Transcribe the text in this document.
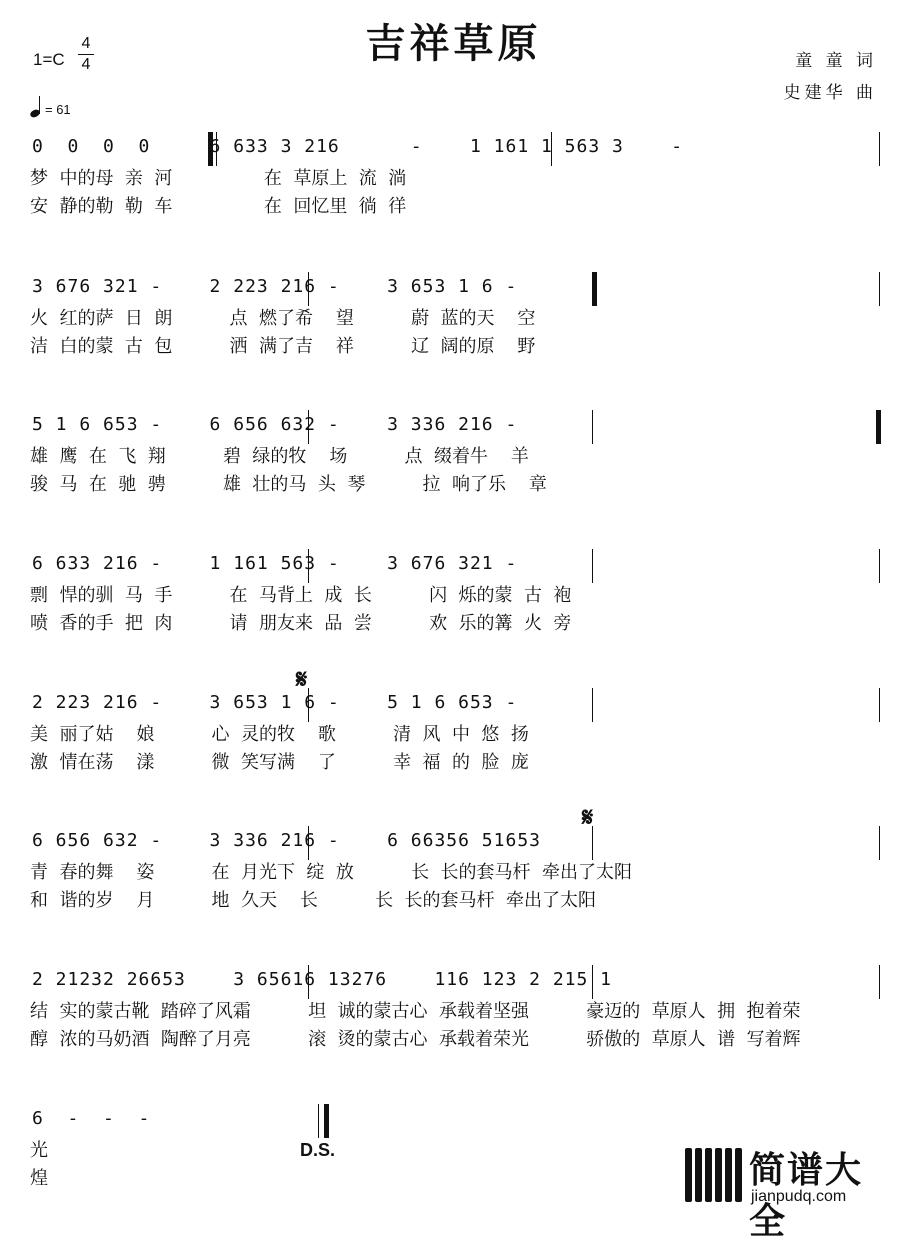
吉祥草原
1=C
4
4
= 61
童 童 词
史建华 曲
0  0  0  0     6 633 3 216      -    1 161 1 563 3    -
梦  中的母  亲  河                在  草原上  流  淌
安  静的勒  勒  车                在  回忆里  徜  徉
3 676 321 -    2 223 216 -    3 653 1 6 -
火  红的萨  日  朗          点  燃了希    望          蔚  蓝的天    空
洁  白的蒙  古  包          洒  满了吉    祥          辽  阔的原    野
5 1 6 653 -    6 656 632 -    3 336 216 -
雄  鹰  在  飞  翔          碧  绿的牧    场          点  缀着牛    羊
骏  马  在  驰  骋          雄  壮的马  头  琴          拉  响了乐    章
6 633 216 -    1 161 563 -    3 676 321 -
剽  悍的驯  马  手          在  马背上  成  长          闪  烁的蒙  古  袍
喷  香的手  把  肉          请  朋友来  品  尝          欢  乐的篝  火  旁
2 223 216 -    3 653 1 6 -    5 1 6 653 -
美  丽了姑    娘          心  灵的牧    歌          清  风  中  悠  扬
激  情在荡    漾          微  笑写满    了          幸  福  的  脸  庞
6 656 632 -    3 336 216 -    6 66356 51653
青  春的舞    姿          在  月光下  绽  放          长  长的套马杆  牵出了太阳
和  谐的岁    月          地  久天    长          长  长的套马杆  牵出了太阳
2 21232 26653    3 65616 13276    116 123 2 215 1
结  实的蒙古靴  踏碎了风霜          坦  诚的蒙古心  承载着坚强          豪迈的  草原人  拥  抱着荣
醇  浓的马奶酒  陶醉了月亮          滚  烫的蒙古心  承载着荣光          骄傲的  草原人  谱  写着辉
6  -  -  -
光
煌
𝄋
𝄋
D.S.	简谱大全
jianpudq.com
